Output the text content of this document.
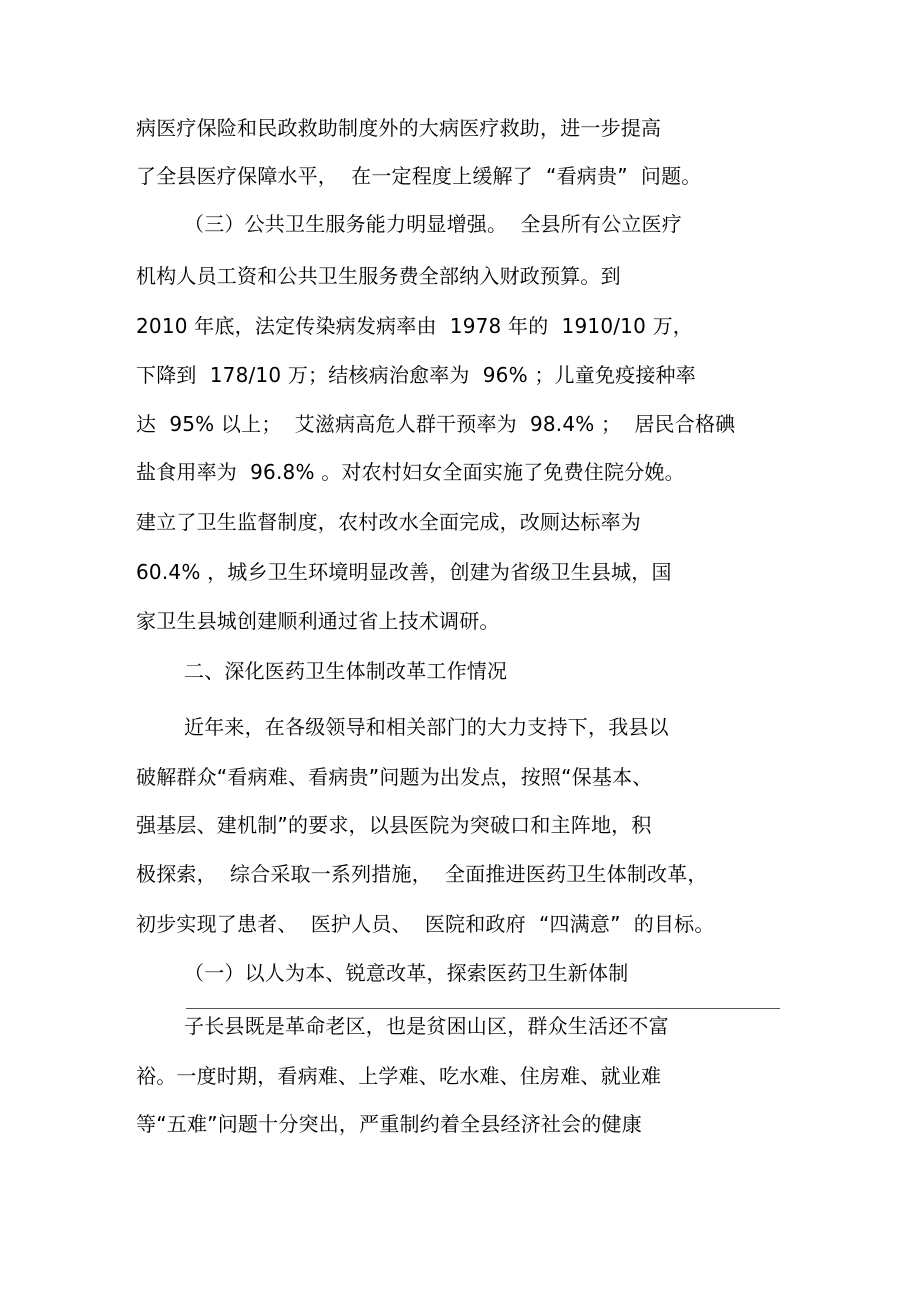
病医疗保险和民政救助制度外的大病医疗救助，进一步提高
了全县医疗保障水平，  在一定程度上缓解了  “看病贵”  问题。
（三）公共卫生服务能力明显增强。  全县所有公立医疗
机构人员工资和公共卫生服务费全部纳入财政预算。到
2010 年底，法定传染病发病率由  1978 年的  1910/10 万，
下降到  178/10 万；结核病治愈率为  96% ；儿童免疫接种率
达  95% 以上；  艾滋病高危人群干预率为  98.4% ；  居民合格碘
盐食用率为  96.8% 。对农村妇女全面实施了免费住院分娩。
建立了卫生监督制度，农村改水全面完成，改厕达标率为
60.4% ，城乡卫生环境明显改善，创建为省级卫生县城，国
家卫生县城创建顺利通过省上技术调研。
二、深化医药卫生体制改革工作情况
近年来，在各级领导和相关部门的大力支持下，我县以
破解群众“看病难、看病贵”问题为出发点，按照“保基本、
强基层、建机制”的要求，以县医院为突破口和主阵地，积
极探索，  综合采取一系列措施，  全面推进医药卫生体制改革，
初步实现了患者、  医护人员、  医院和政府  “四满意”  的目标。
（一）以人为本、锐意改革，探索医药卫生新体制
子长县既是革命老区，也是贫困山区，群众生活还不富
裕。一度时期，看病难、上学难、吃水难、住房难、就业难
等“五难”问题十分突出，严重制约着全县经济社会的健康
